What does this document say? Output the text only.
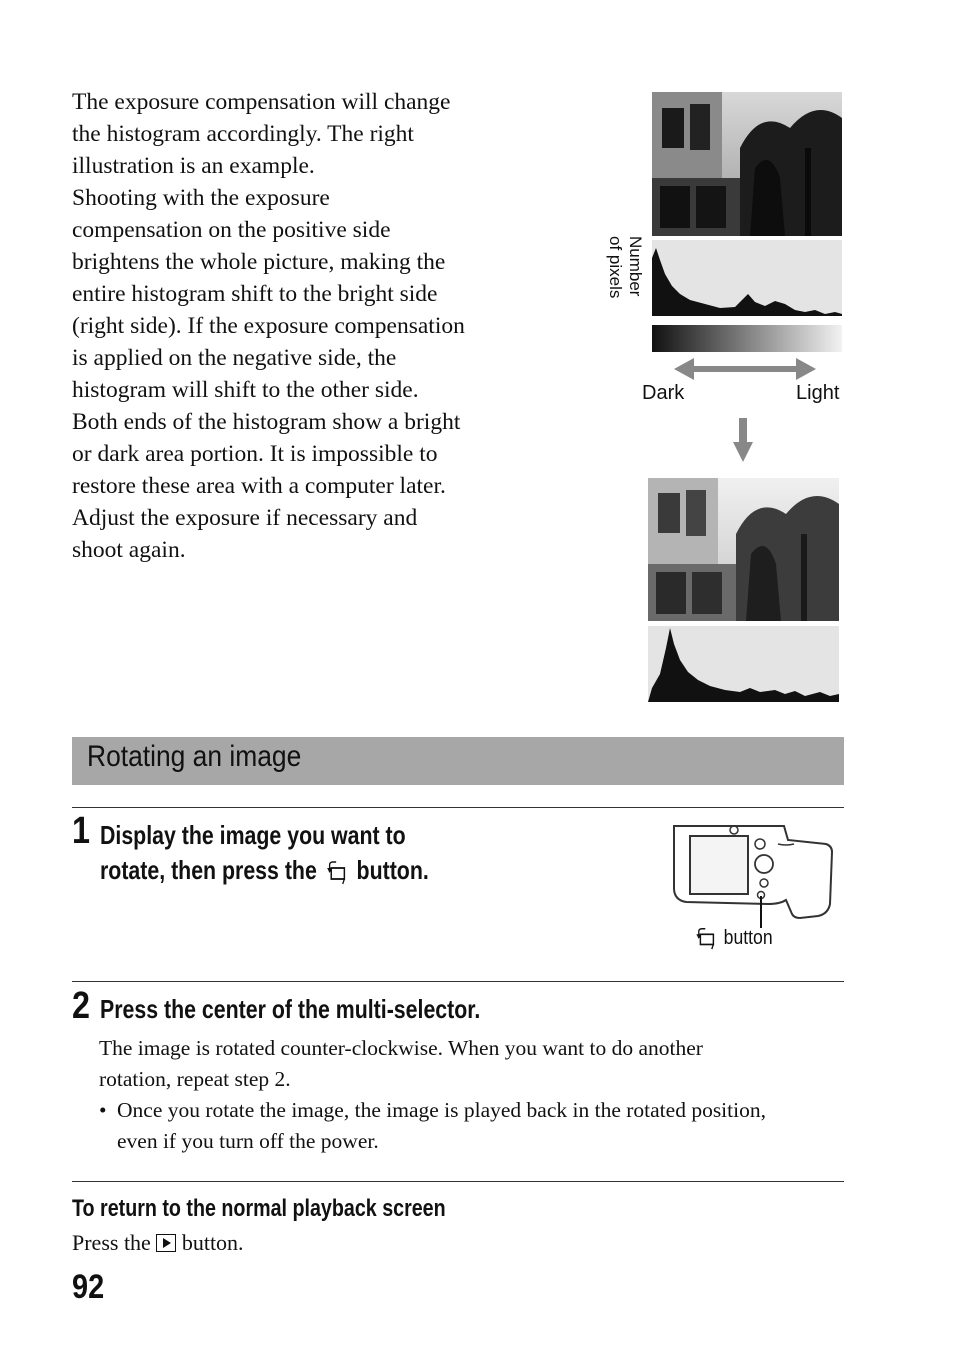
The exposure compensation will change

the histogram accordingly. The right

illustration is an example.

Shooting with the exposure

compensation on the positive side

brightens the whole picture, making the

entire histogram shift to the bright side

(right side). If the exposure compensation

is applied on the negative side, the

histogram will shift to the other side.

Both ends of the histogram show a bright

or dark area portion. It is impossible to

restore these area with a computer later.

Adjust the exposure if necessary and

shoot again.

Number
of pixels
Dark	Light
Rotating an image
1 Display the image you want to
rotate, then press the button.
button
2 Press the center of the multi-selector.
The image is rotated counter-clockwise. When you want to do another
rotation, repeat step 2.
• Once you rotate the image, the image is played back in the rotated position,
even if you turn off the power.
To return to the normal playback screen
Press the button.
92
